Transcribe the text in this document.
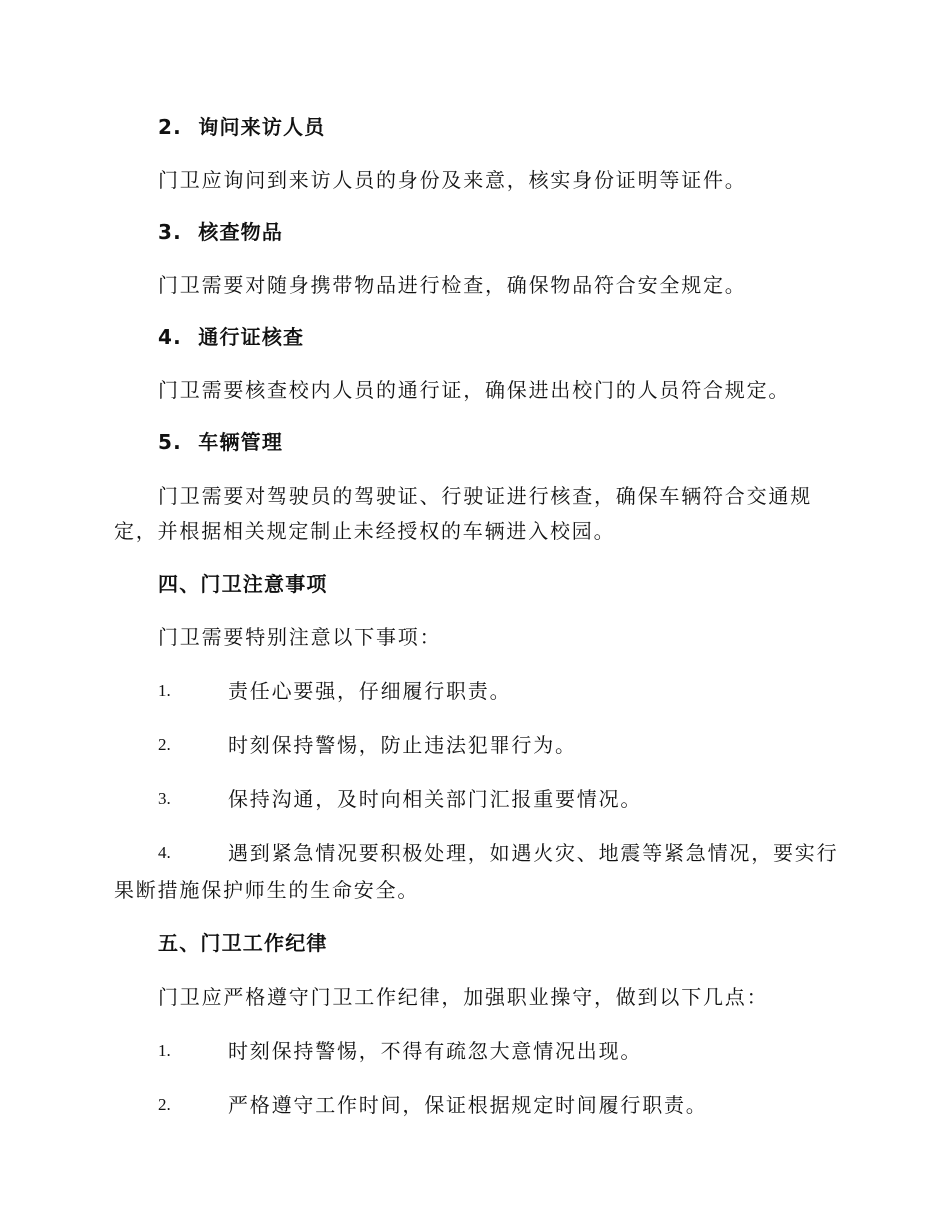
2. 询问来访人员
门卫应询问到来访人员的身份及来意，核实身份证明等证件。
3. 核查物品
门卫需要对随身携带物品进行检查，确保物品符合安全规定。
4. 通行证核查
门卫需要核查校内人员的通行证，确保进出校门的人员符合规定。
5. 车辆管理
门卫需要对驾驶员的驾驶证、行驶证进行核查，确保车辆符合交通规
定，并根据相关规定制止未经授权的车辆进入校园。
四、门卫注意事项
门卫需要特别注意以下事项：
1.	责任心要强，仔细履行职责。
2.	时刻保持警惕，防止违法犯罪行为。
3.	保持沟通，及时向相关部门汇报重要情况。
4.	遇到紧急情况要积极处理，如遇火灾、地震等紧急情况，要实行
果断措施保护师生的生命安全。
五、门卫工作纪律
门卫应严格遵守门卫工作纪律，加强职业操守，做到以下几点：
1.	时刻保持警惕，不得有疏忽大意情况出现。
2.	严格遵守工作时间，保证根据规定时间履行职责。
